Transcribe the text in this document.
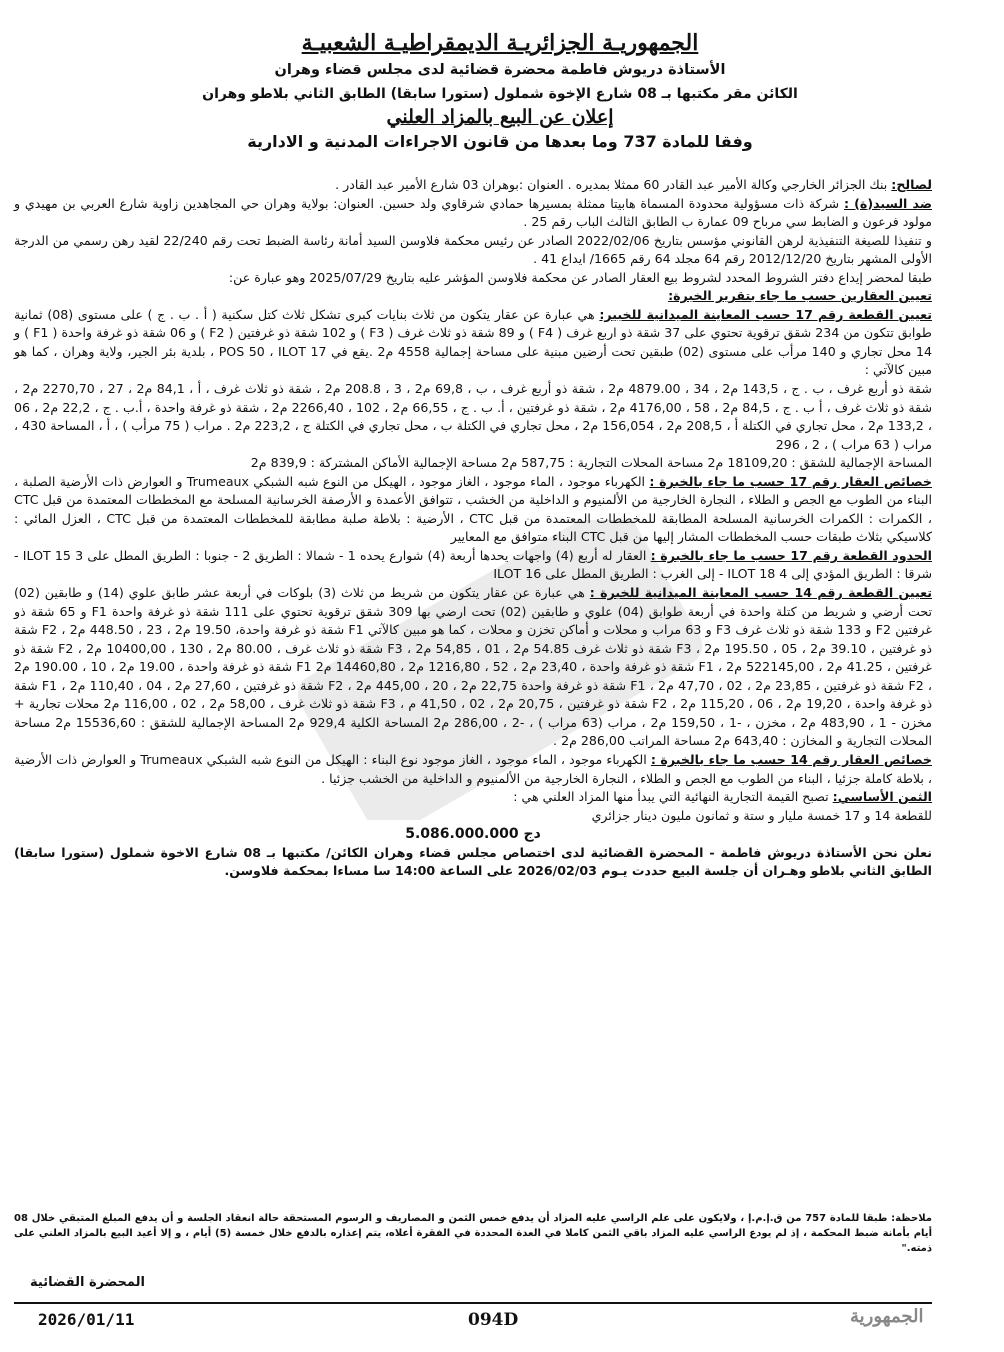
الجمهوريـة الجزائريـة الديمقراطيـة الشعبيـة
الأستاذة دريوش فاطمة محضرة قضائية لدى مجلس قضاء وهران
الكائن مقر مكتبها بـ 08 شارع الإخوة شملول (ستورا سابقا) الطابق الثاني بلاطو وهران
إعلان عن البيع بالمزاد العلني
وفقا للمادة 737 وما بعدها من قانون الاجراءات المدنية و الادارية

لصالح: بنك الجزائر الخارجي وكالة الأمير عبد القادر 60 ممثلا بمديره . العنوان :بوهران 03 شارع الأمير عبد القادر .

ضد السيد(ة) : شركة ذات مسؤولية محدودة المسماة هابيتا ممثلة بمسيرها حمادي شرقاوي ولد حسين. العنوان: بولاية وهران حي المجاهدين زاوية شارع العربي بن مهيدي و مولود فرعون و الضابط سي مرباح 09 عمارة ب الطابق الثالث الباب رقم 25 .

و تنفيذا للصيغة التنفيذية لرهن القانوني مؤسس بتاريخ 2022/02/06 الصادر عن رئيس محكمة فلاوسن السيد أمانة رئاسة الضبط تحت رقم 22/240 لقيد رهن رسمي من الدرجة الأولى المشهر بتاريخ 2012/12/20 رقم 64 مجلد 64 رقم 1665/ ايداع 41 .

طبقا لمحضر إيداع دفتر الشروط المحدد لشروط بيع العقار الصادر عن محكمة فلاوسن المؤشر عليه بتاريخ 2025/07/29 وهو عبارة عن:

تعيين العقارين حسب ما جاء بتقرير الخبرة:

تعيين القطعة رقم 17 حسب المعاينة الميدانية للخبير: هي عبارة عن عقار يتكون من ثلاث بنايات كبرى تشكل ثلاث كتل سكنية ( أ . ب . ج ) على مستوى (08) ثمانية طوابق تتكون من 234 شقق ترقوية تحتوي على 37 شقة ذو اربع غرف ( F4 ) و 89 شقة ذو ثلاث غرف ( F3 ) و 102 شقة ذو غرفتين ( F2 ) و 06 شقة ذو غرفة واحدة ( F1 ) و 14 محل تجاري و 140 مرأب على مستوى (02) طبقين تحت أرضين مبنية على مساحة إجمالية 4558 م2 .يقع في POS 50 ، ILOT 17 ، بلدية بئر الجير، ولاية وهران ، كما هو مبين كالآتي :

شقة ذو أربع غرف ، ب . ج ، 143,5 م2 ، 34 ، 4879.00 م2 ، شقة ذو أربع غرف ، ب ، 69,8 م2 ، 3 ، 208.8 م2 ، شقة ذو ثلاث غرف ، أ ، 84,1 م2 ، 27 ، 2270,70 م2 ، شقة ذو ثلاث غرف ، أ ب . ج ، 84,5 م2 ، 58 ، 4176,00 م2 ، شقة ذو غرفتين ، أ. ب . ج ، 66,55 م2 ، 102 ، 2266,40 م2 ، شقة ذو غرفة واحدة ، أ.ب . ج ، 22,2 م2 ، 06 ، 133,2 م2 ، محل تجاري في الكتلة أ ، 208,5 م2 ، 156,054 م2 ، محل تجاري في الكتلة ب ، محل تجاري في الكتلة ج ، 223,2 م2 . مراب ( 75 مرأب ) ، أ ، المساحة 430 ، مراب ( 63 مراب ) ، 2 ، 296

المساحة الإجمالية للشقق : 18109,20 م2 مساحة المحلات التجارية : 587,75 م2 مساحة الإجمالية الأماكن المشتركة : 839,9 م2

خصائص العقار رقم 17 حسب ما جاء بالخبرة : الكهرباء موجود ، الماء موجود ، الغاز موجود ، الهيكل من النوع شبه الشبكي Trumeaux و العوارض ذات الأرضية الصلبة ، البناء من الطوب مع الجص و الطلاء ، النجارة الخارجية من الألمنيوم و الداخلية من الخشب ، تتوافق الأعمدة و الأرصفة الخرسانية المسلحة مع المخططات المعتمدة من قبل CTC ، الكمرات : الكمرات الخرسانية المسلحة المطابقة للمخططات المعتمدة من قبل CTC ، الأرضية : بلاطة صلبة مطابقة للمخططات المعتمدة من قبل CTC ، العزل المائي : كلاسيكي بثلاث طبقات حسب المخططات المشار إليها من قبل CTC البناء متوافق مع المعايير

الحدود القطعة رقم 17 حسب ما جاء بالخبرة : العقار له أربع (4) واجهات يحدها أربعة (4) شوارع يحده 1 - شمالا : الطريق 2 - جنوبا : الطريق المطل على ILOT 15 3 - شرقا : الطريق المؤدي إلى ILOT 18 4 - إلى الغرب : الطريق المطل على ILOT 16

تعيين القطعة رقم 14 حسب المعاينة الميدانية للخبرة : هي عبارة عن عقار يتكون من شريط من ثلاث (3) بلوكات في أربعة عشر طابق علوي (14) و طابقين (02) تحت أرضي و شريط من كتلة واحدة في أربعة طوابق (04) علوي و طابقين (02) تحت ارضي بها 309 شقق ترقوية تحتوي على 111 شقة ذو غرفة واحدة F1 و 65 شقة ذو غرفتين F2 و 133 شقة ذو ثلاث غرف F3 و 63 مراب و محلات و أماكن تخزن و محلات ، كما هو مبين كالآتي F1 شقة ذو غرفة واحدة، 19.50 م2 ، 23 ، 448.50 م2 ، F2 شقة ذو غرفتين ، 39.10 م2 ، 05 ، 195.50 م2 ، F3 شقة ذو ثلاث غرف 54.85 م2 ، 01 ، 54,85 م2 ، F3 شقة ذو ثلاث غرف ، 80.00 م2 ، 130 ، 10400,00 م2 ، F2 شقة ذو غرفتين ، 41.25 م2 ، 522145,00 م2 ، F1 شقة ذو غرفة واحدة ، 23,40 م2 ، 52 ، 1216,80 م2 ، 14460,80 م2 F1 شقة ذو غرفة واحدة ، 19.00 م2 ، 10 ، 190.00 م2 ، F2 شقة ذو غرفتين ، 23,85 م2 ، 02 ، 47,70 م2 ، F1 شقة ذو غرفة واحدة 22,75 م2 ، 20 ، 445,00 م2 ، F2 شقة ذو غرفتين ، 27,60 م2 ، 04 ، 110,40 م2 ، F1 شقة ذو غرفة واحدة ، 19,20 م2 ، 06 ، 115,20 م2 ، F2 شقة ذو غرفتين ، 20,75 م2 ، 02 ، 41,50 م ، F3 شقة ذو ثلاث غرف ، 58,00 م2 ، 02 ، 116,00 م2 محلات تجارية + مخزن - 1 ، 483,90 م2 ، مخزن ، -1 ، 159,50 م2 ، مراب (63 مراب ) ، -2 ، 286,00 م2 المساحة الكلية 929,4 م2 المساحة الإجمالية للشقق : 15536,60 م2 مساحة المحلات التجارية و المخازن : 643,40 م2 مساحة المراتب 286,00 م2 .

خصائص العقار رقم 14 حسب ما جاء بالخبرة : الكهرباء موجود ، الماء موجود ، الغاز موجود نوع البناء : الهيكل من النوع شبه الشبكي Trumeaux و العوارض ذات الأرضية ، بلاطة كاملة جزئيا ، البناء من الطوب مع الجص و الطلاء ، النجارة الخارجية من الألمنيوم و الداخلية من الخشب جزئيا .

الثمن الأساسي: تصبح القيمة التجارية النهائية التي يبدأ منها المزاد العلني هي :

للقطعة 14 و 17 خمسة مليار و ستة و ثمانون مليون دينار جزائري

5.086.000.000 دج

نعلن نحن الأستاذة دريوش فاطمة - المحضرة القضائية لدى اختصاص مجلس قضاء وهران الكائن/ مكتبها بـ 08 شارع الاخوة شملول (ستورا سابقا) الطابق الثاني بلاطو وهـران أن جلسة البيع حددت يـوم 2026/02/03 على الساعة 14:00 سا مساءا بمحكمة فلاوسن.

ملاحظة: طبقا للمادة 757 من ق.إ.م.إ ، ولايكون على علم الراسي عليه المزاد أن يدفع خمس الثمن و المصاريف و الرسوم المستحقة حالة انعقاد الجلسة و أن يدفع المبلغ المتبقي خلال 08 أيام بأمانة ضبط المحكمة ، إذ لم يودع الراسي عليه المزاد باقي الثمن كاملا في العدة المحددة في الفقرة أعلاه، يتم إعذاره بالدفع خلال خمسة (5) أيام ، و إلا أعيد البيع بالمزاد العلني على ذمته."

المحضرة القضائية
2026/01/11	094D	الجمهورية
